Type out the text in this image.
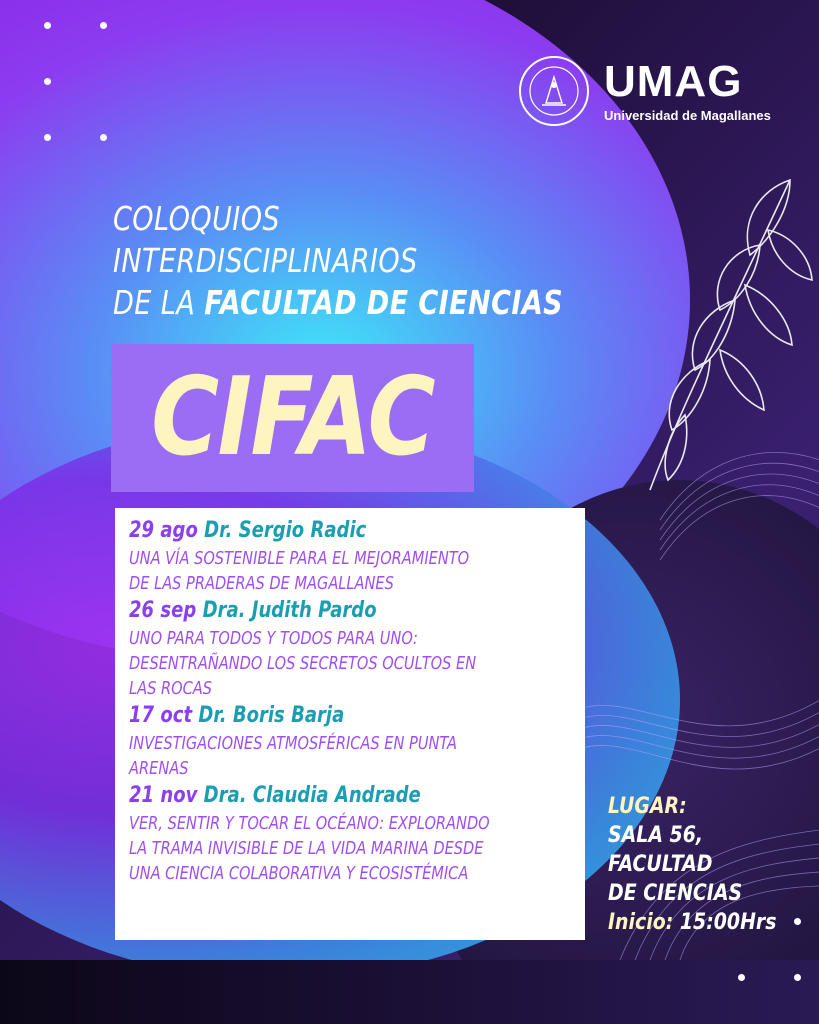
UMAG
Universidad de Magallanes
COLOQUIOS
INTERDISCIPLINARIOS
DE LA FACULTAD DE CIENCIAS
CIFAC
29 ago Dr. Sergio Radic
UNA VÍA SOSTENIBLE PARA EL MEJORAMIENTO
DE LAS PRADERAS DE MAGALLANES
26 sep Dra. Judith Pardo
UNO PARA TODOS Y TODOS PARA UNO:
DESENTRAÑANDO LOS SECRETOS OCULTOS EN
LAS ROCAS
17 oct Dr. Boris Barja
INVESTIGACIONES ATMOSFÉRICAS EN PUNTA
ARENAS
21 nov Dra. Claudia Andrade
VER, SENTIR Y TOCAR EL OCÉANO: EXPLORANDO
LA TRAMA INVISIBLE DE LA VIDA MARINA DESDE
UNA CIENCIA COLABORATIVA Y ECOSISTÉMICA
LUGAR:
SALA 56,
FACULTAD
DE CIENCIAS
Inicio: 15:00Hrs
